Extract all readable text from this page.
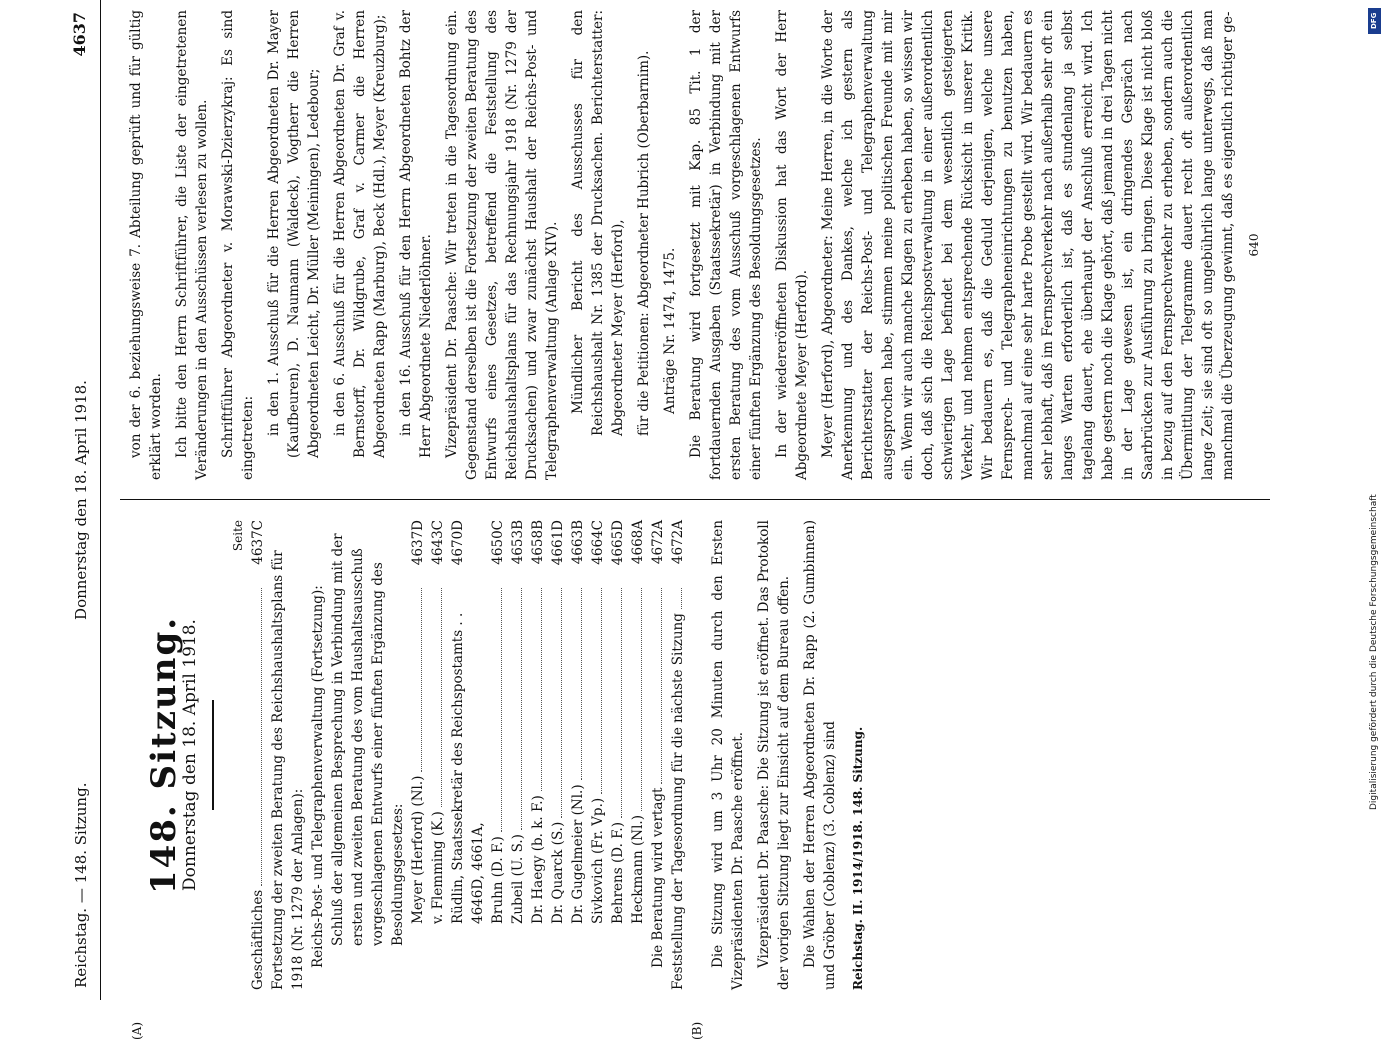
Reichstag. — 148. Sitzung.
Donnerstag den 18. April 1918.
4637
(A)	(B)
148. Sitzung.
Donnerstag den 18. April 1918.
Seite
Geschäftliches
4637C
Fortsetzung der zweiten Beratung des Reichshaushaltsplans für 1918 (Nr. 1279 der Anlagen): Reichs-Post- und Telegraphenverwaltung (Fortsetzung): Schluß der allgemeinen Besprechung in Verbindung mit der ersten und zweiten Beratung des vom Haushaltsausschuß vorgeschlagenen Entwurfs einer fünften Ergänzung des Besoldungsgesetzes: Meyer (Herford) (Nl.)
4637D
v. Flemming (K.)
4643C
Rüdlin, Staatssekretär des Reichspostamts . . 4646D, 4661A,
4670D
Bruhn (D. F.)
4650C
Zubeil (U. S.)
4653B
Dr. Haegy (b. k. F.)
4658B
Dr. Quarck (S.)
4661D
Dr. Gugelmeier (Nl.)
4663B
Sivkovich (Fr. Vp.)
4664C
Behrens (D. F.)
4665D
Heckmann (Nl.)
4668A
Die Beratung wird vertagt
4672A
Feststellung der Tagesordnung für die nächste Sitzung
4672A Die Sitzung wird um 3 Uhr 20 Minuten durch den Ersten Vizepräsidenten Dr. Paasche eröffnet. Vizepräsident Dr. Paasche: Die Sitzung ist eröffnet. Das Protokoll der vorigen Sitzung liegt zur Einsicht auf dem Bureau offen. Die Wahlen der Herren Abgeordneten Dr. Rapp (2. Gumbinnen) und Gröber (Coblenz) (3. Coblenz) sind Reichstag. II. 1914/1918. 148. Sitzung.

von der 6. beziehungsweise 7. Abteilung geprüft und für gültig erklärt worden. Ich bitte den Herrn Schriftführer, die Liste der eingetretenen Veränderungen in den Ausschüssen verlesen zu wollen. Schriftführer Abgeordneter v. Morawski-Dzierzykraj: Es sind eingetreten:

in den 1. Ausschuß für die Herren Abgeordneten Dr. Mayer (Kaufbeuren), D. Naumann (Waldeck), Vogtherr die Herren Abgeordneten Leicht, Dr. Müller (Meiningen), Ledebour; in den 6. Ausschuß für die Herren Abgeordneten Dr. Graf v. Bernstorff, Dr. Wildgrube, Graf v. Carmer die Herren Abgeordneten Rapp (Marburg), Beck (Hdl.), Meyer (Kreuzburg); in den 16. Ausschuß für den Herrn Abgeordneten Bohtz der Herr Abgeordnete Niederlöhner. Vizepräsident Dr. Paasche: Wir treten in die Tagesordnung ein. Gegenstand derselben ist die Fortsetzung der zweiten Beratung des Entwurfs eines Gesetzes, betreffend die Feststellung des Reichshaushaltsplans für das Rechnungsjahr 1918 (Nr. 1279 der Drucksachen) und zwar zunächst Haushalt der Reichs-Post- und Telegraphenverwaltung (Anlage XIV). Mündlicher Bericht des Ausschusses für den Reichshaushalt Nr. 1385 der Drucksachen. Berichterstatter: Abgeordneter Meyer (Herford), für die Petitionen: Abgeordneter Hubrich (Oberbarnim). Anträge Nr. 1474, 1475. Die Beratung wird fortgesetzt mit Kap. 85 Tit. 1 der fortdauernden Ausgaben (Staatssekretär) in Verbindung mit der ersten Beratung des vom Ausschuß vorgeschlagenen Entwurfs einer fünften Ergänzung des Besoldungsgesetzes. In der wiedereröffneten Diskussion hat das Wort der Herr Abgeordnete Meyer (Herford). Meyer (Herford), Abgeordneter: Meine Herren, in die Worte der Anerkennung und des Dankes, welche ich gestern als Berichterstatter der Reichs-Post- und Telegraphenverwaltung ausgesprochen habe, stimmen meine politischen Freunde mit mir ein. Wenn wir auch manche Klagen zu erheben haben, so wissen wir doch, daß sich die Reichspostverwaltung in einer außerordentlich schwierigen Lage befindet bei dem wesentlich gesteigerten Verkehr, und nehmen entsprechende Rücksicht in unserer Kritik. Wir bedauern es, daß die Geduld derjenigen, welche unsere Fernsprech- und Telegrapheneinrichtungen zu benutzen haben, manchmal auf eine sehr harte Probe gestellt wird. Wir bedauern es sehr lebhaft, daß im Fernsprechverkehr nach außerhalb sehr oft ein langes Warten erforderlich ist, daß es stundenlang ja selbst tagelang dauert, ehe überhaupt der Anschluß erreicht wird. Ich habe gestern noch die Klage gehört, daß jemand in drei Tagen nicht in der Lage gewesen ist, ein dringendes Gespräch nach Saarbrücken zur Ausführung zu bringen. Diese Klage ist nicht bloß in bezug auf den Fernsprechverkehr zu erheben, sondern auch die Übermittlung der Telegramme dauert recht oft außerordentlich lange Zeit; sie sind oft so ungebührlich lange unterwegs, daß man manchmal die Überzeugung gewinnt, daß es eigentlich richtiger ge- 640
DFG
Digitalisierung gefördert durch die Deutsche Forschungsgemeinschaft
